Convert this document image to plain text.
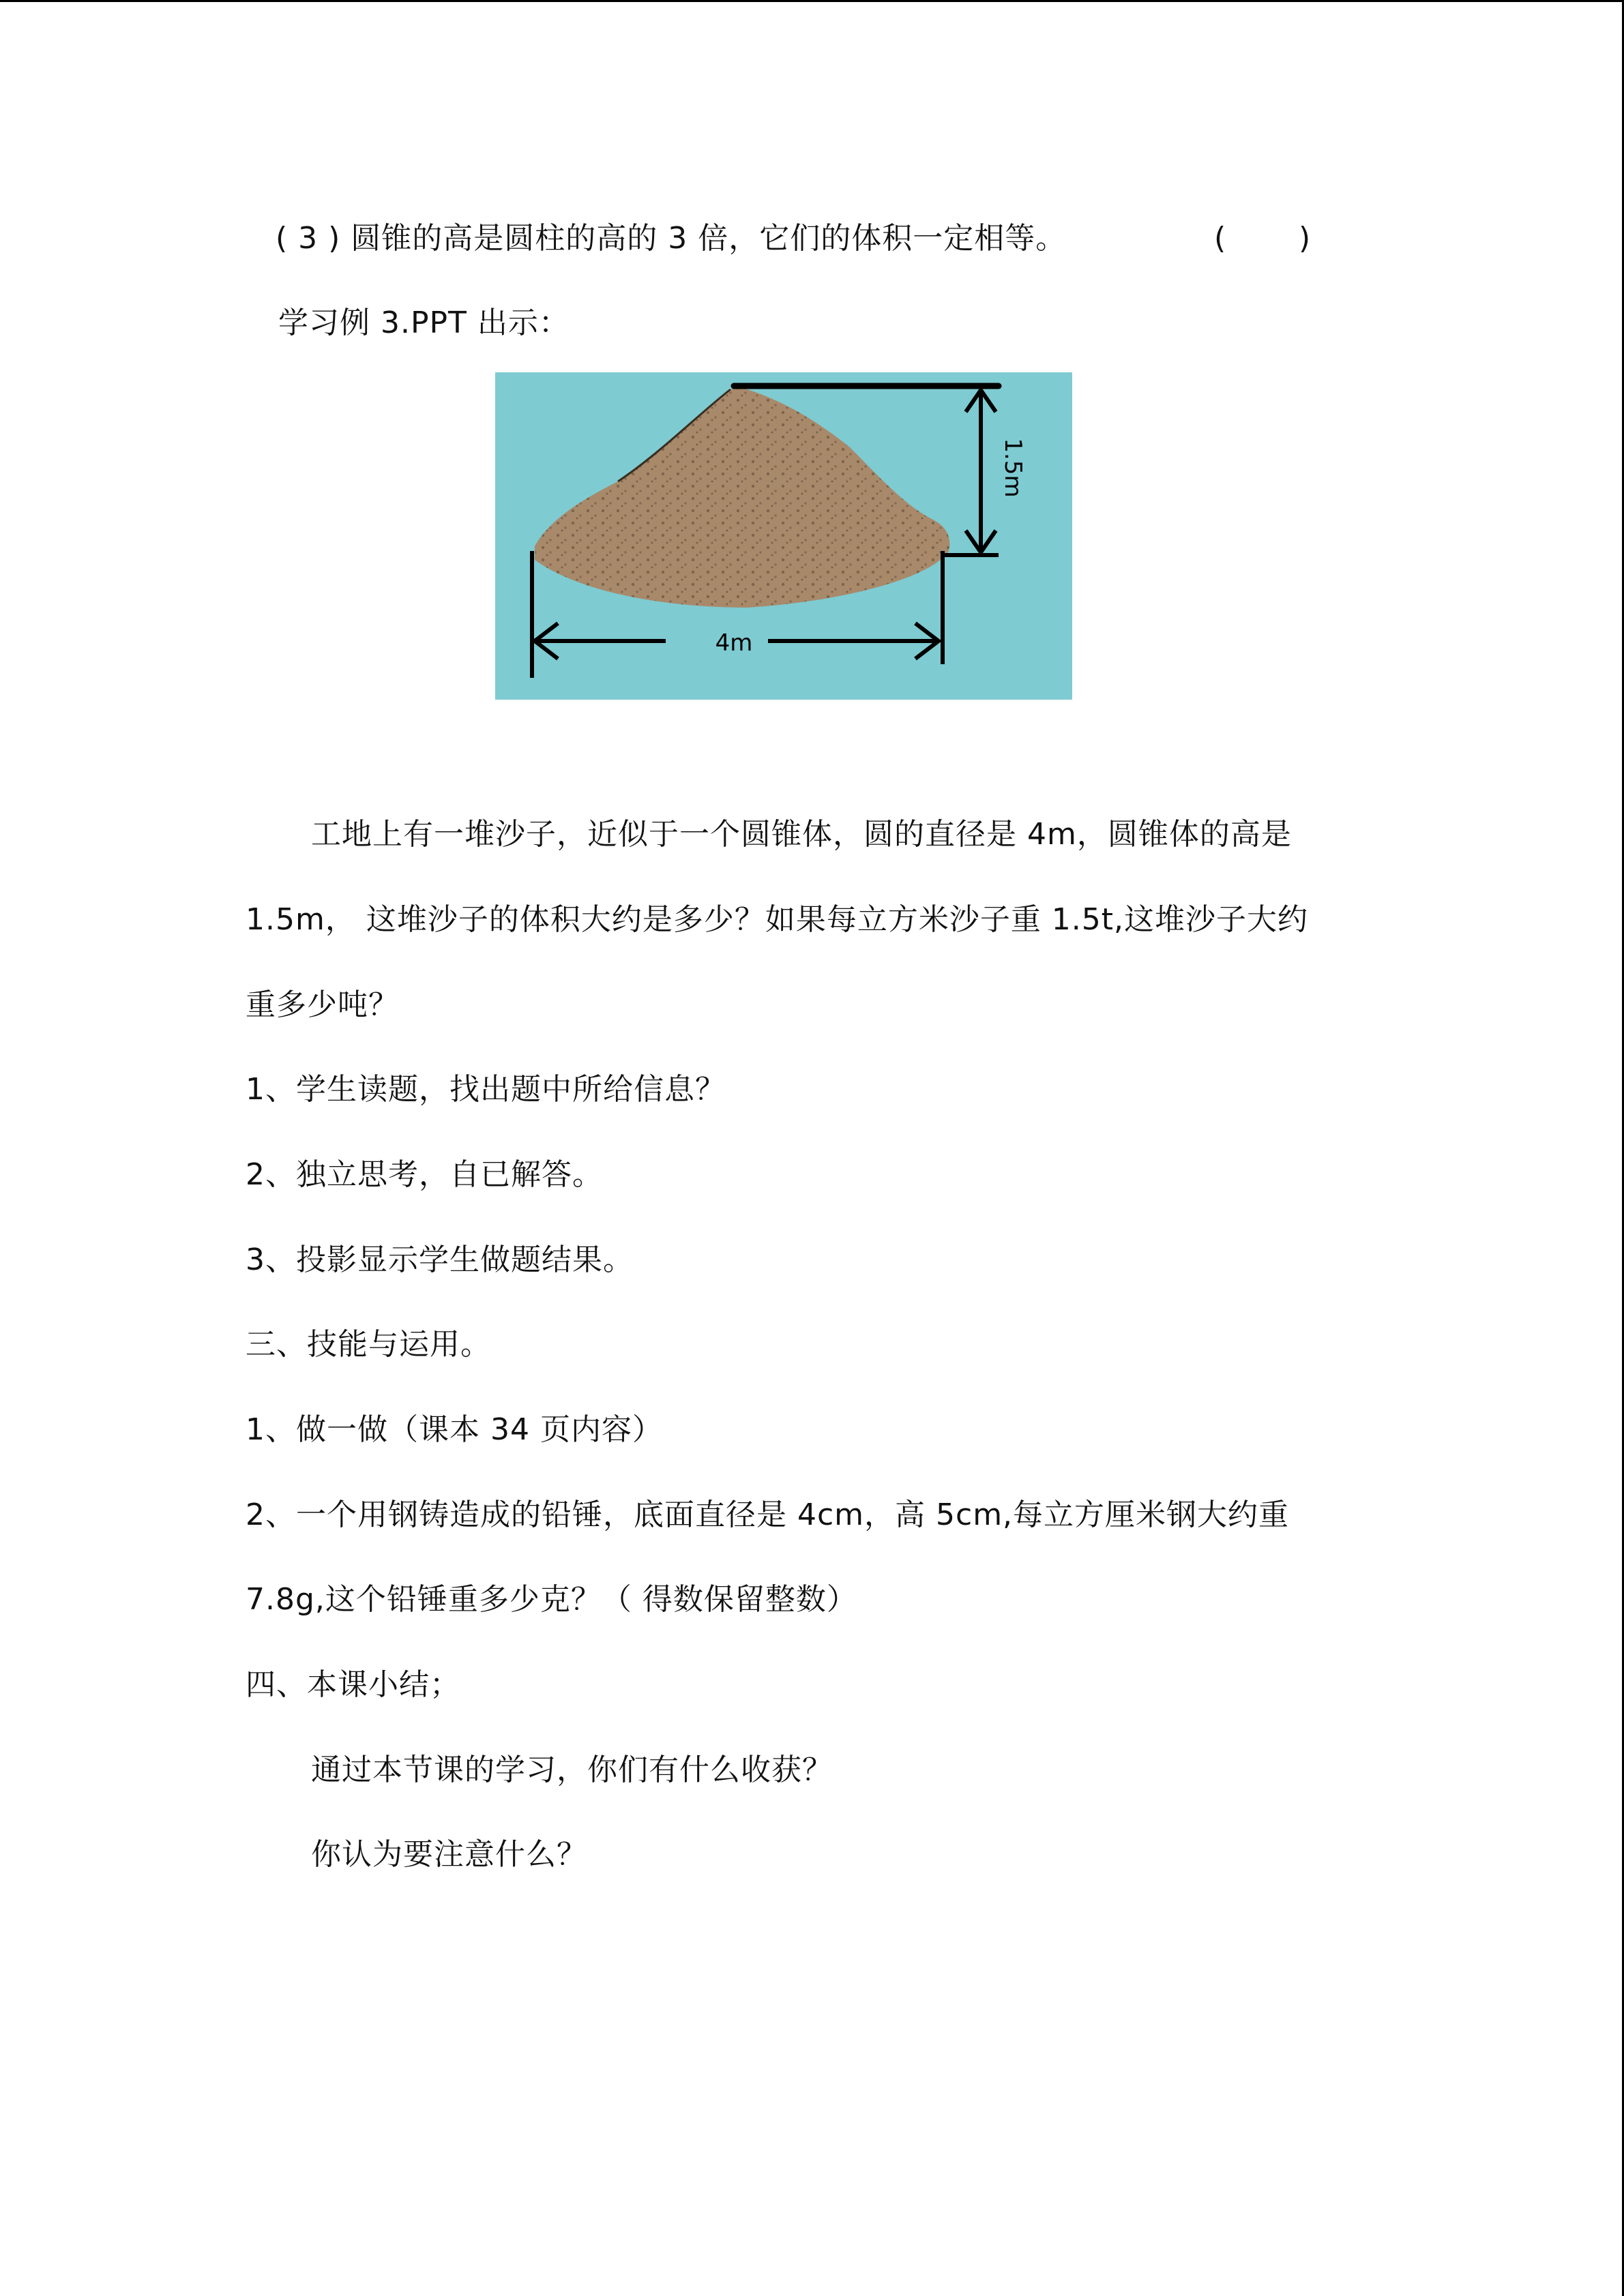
( 3 ) 圆锥的高是圆柱的高的 3 倍，它们的体积一定相等。	( )
学习例 3.PPT 出示：
4m
1.5m
工地上有一堆沙子，近似于一个圆锥体，圆的直径是 4m，圆锥体的高是
1.5m， 这堆沙子的体积大约是多少？如果每立方米沙子重 1.5t,这堆沙子大约
重多少吨？
1、学生读题，找出题中所给信息？
2、独立思考，自已解答。
3、投影显示学生做题结果。
三、技能与运用。
1、做一做（课本 34 页内容）
2、一个用钢铸造成的铅锤，底面直径是 4cm，高 5cm,每立方厘米钢大约重
7.8g,这个铅锤重多少克？（ 得数保留整数）
四、本课小结；
通过本节课的学习，你们有什么收获？
你认为要注意什么？
